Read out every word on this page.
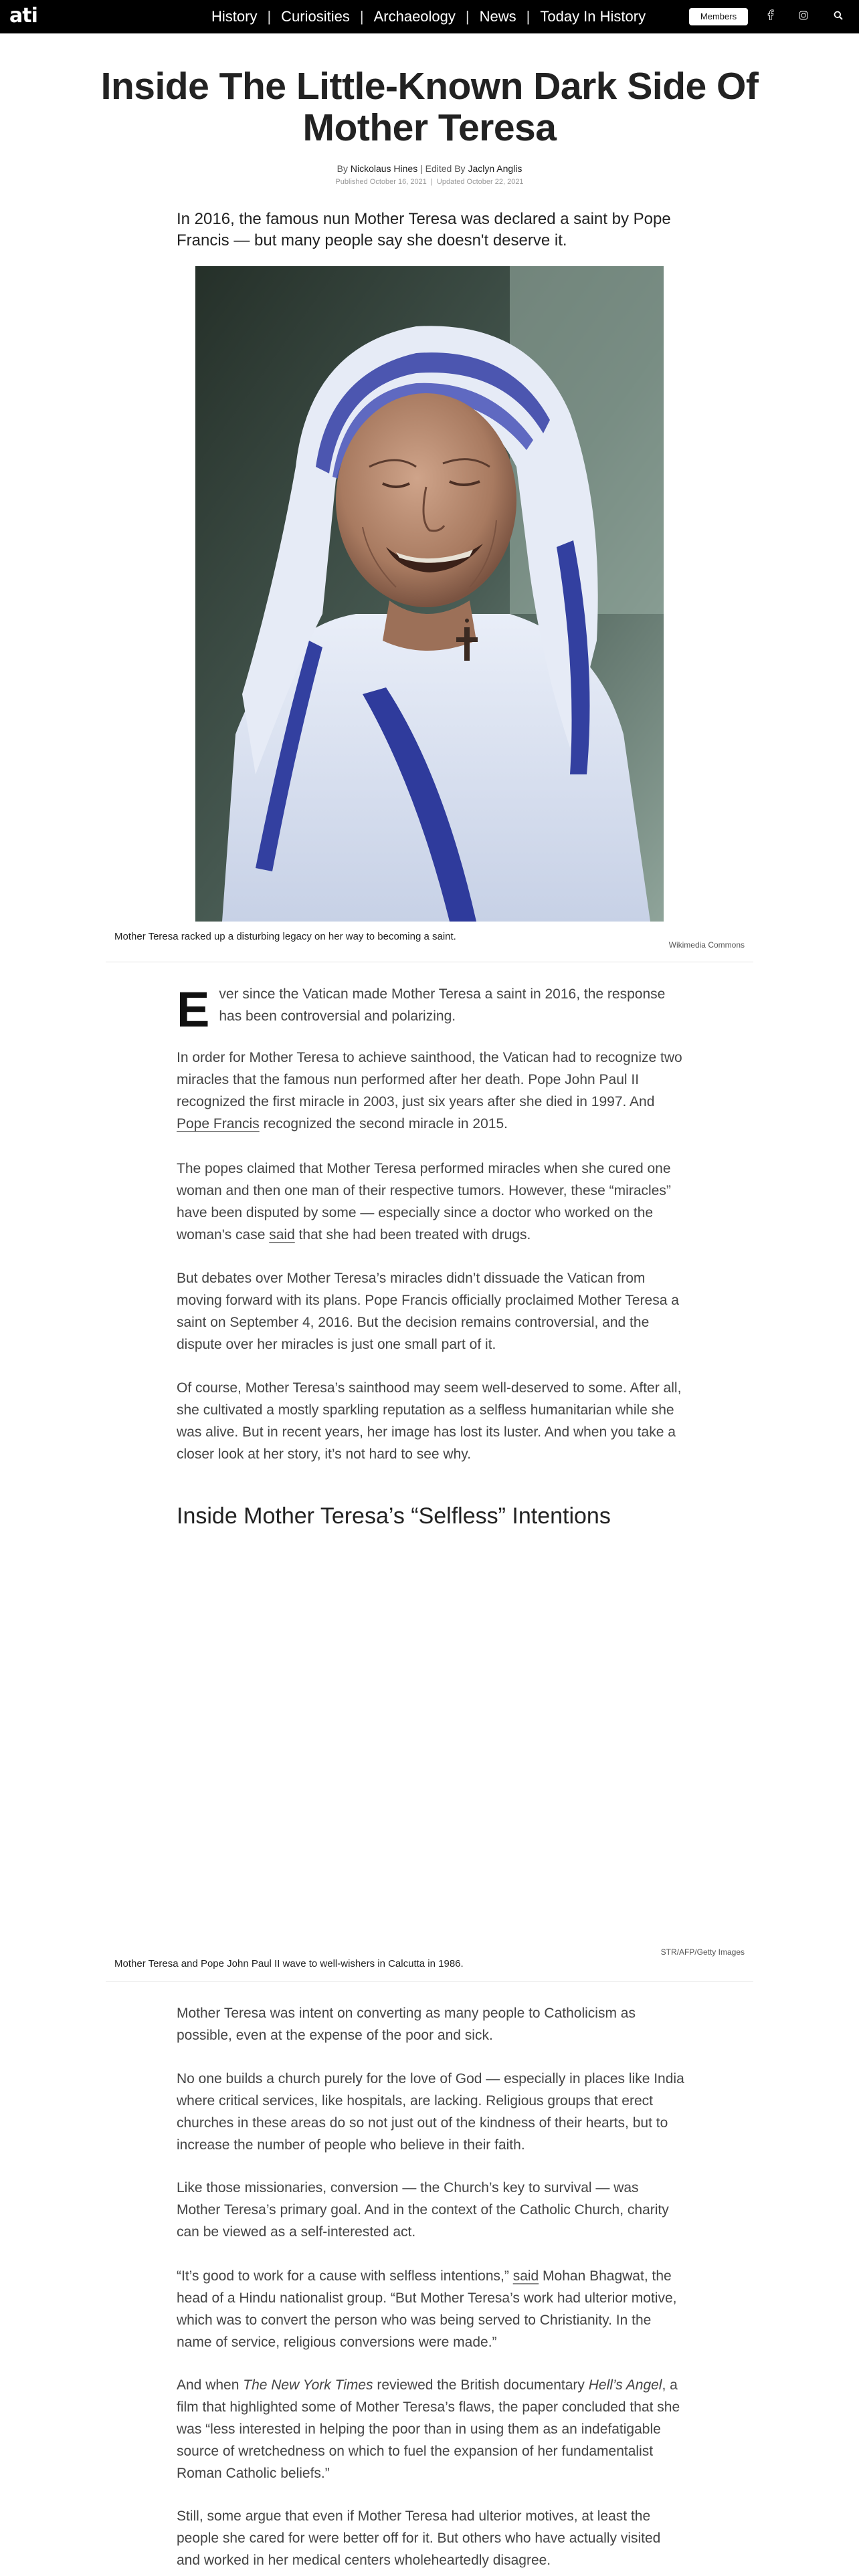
ati	History | Curiosities | Archaeology | News | Today In History	Members
Inside The Little-Known Dark Side Of Mother Teresa
By Nickolaus Hines | Edited By Jaclyn Anglis
Published October 16, 2021 | Updated October 22, 2021

In 2016, the famous nun Mother Teresa was declared a saint by Pope Francis — but many people say she doesn't deserve it.

Mother Teresa racked up a disturbing legacy on her way to becoming a saint.
Wikimedia Commons

Ever since the Vatican made Mother Teresa a saint in 2016, the response has been controversial and polarizing.

In order for Mother Teresa to achieve sainthood, the Vatican had to recognize two miracles that the famous nun performed after her death. Pope John Paul II recognized the first miracle in 2003, just six years after she died in 1997. And Pope Francis recognized the second miracle in 2015.

The popes claimed that Mother Teresa performed miracles when she cured one woman and then one man of their respective tumors. However, these “miracles” have been disputed by some — especially since a doctor who worked on the woman's case said that she had been treated with drugs.

But debates over Mother Teresa’s miracles didn’t dissuade the Vatican from moving forward with its plans. Pope Francis officially proclaimed Mother Teresa a saint on September 4, 2016. But the decision remains controversial, and the dispute over her miracles is just one small part of it.

Of course, Mother Teresa’s sainthood may seem well-deserved to some. After all, she cultivated a mostly sparkling reputation as a selfless humanitarian while she was alive. But in recent years, her image has lost its luster. And when you take a closer look at her story, it’s not hard to see why.

Inside Mother Teresa’s “Selfless” Intentions
STR/AFP/Getty Images
Mother Teresa and Pope John Paul II wave to well-wishers in Calcutta in 1986.

Mother Teresa was intent on converting as many people to Catholicism as possible, even at the expense of the poor and sick.

No one builds a church purely for the love of God — especially in places like India where critical services, like hospitals, are lacking. Religious groups that erect churches in these areas do so not just out of the kindness of their hearts, but to increase the number of people who believe in their faith.

Like those missionaries, conversion — the Church’s key to survival — was Mother Teresa’s primary goal. And in the context of the Catholic Church, charity can be viewed as a self-interested act.

“It’s good to work for a cause with selfless intentions,” said Mohan Bhagwat, the head of a Hindu nationalist group. “But Mother Teresa’s work had ulterior motive, which was to convert the person who was being served to Christianity. In the name of service, religious conversions were made.”

And when The New York Times reviewed the British documentary Hell’s Angel, a film that highlighted some of Mother Teresa’s flaws, the paper concluded that she was “less interested in helping the poor than in using them as an indefatigable source of wretchedness on which to fuel the expansion of her fundamentalist Roman Catholic beliefs.”

Still, some argue that even if Mother Teresa had ulterior motives, at least the people she cared for were better off for it. But others who have actually visited and worked in her medical centers wholeheartedly disagree.
